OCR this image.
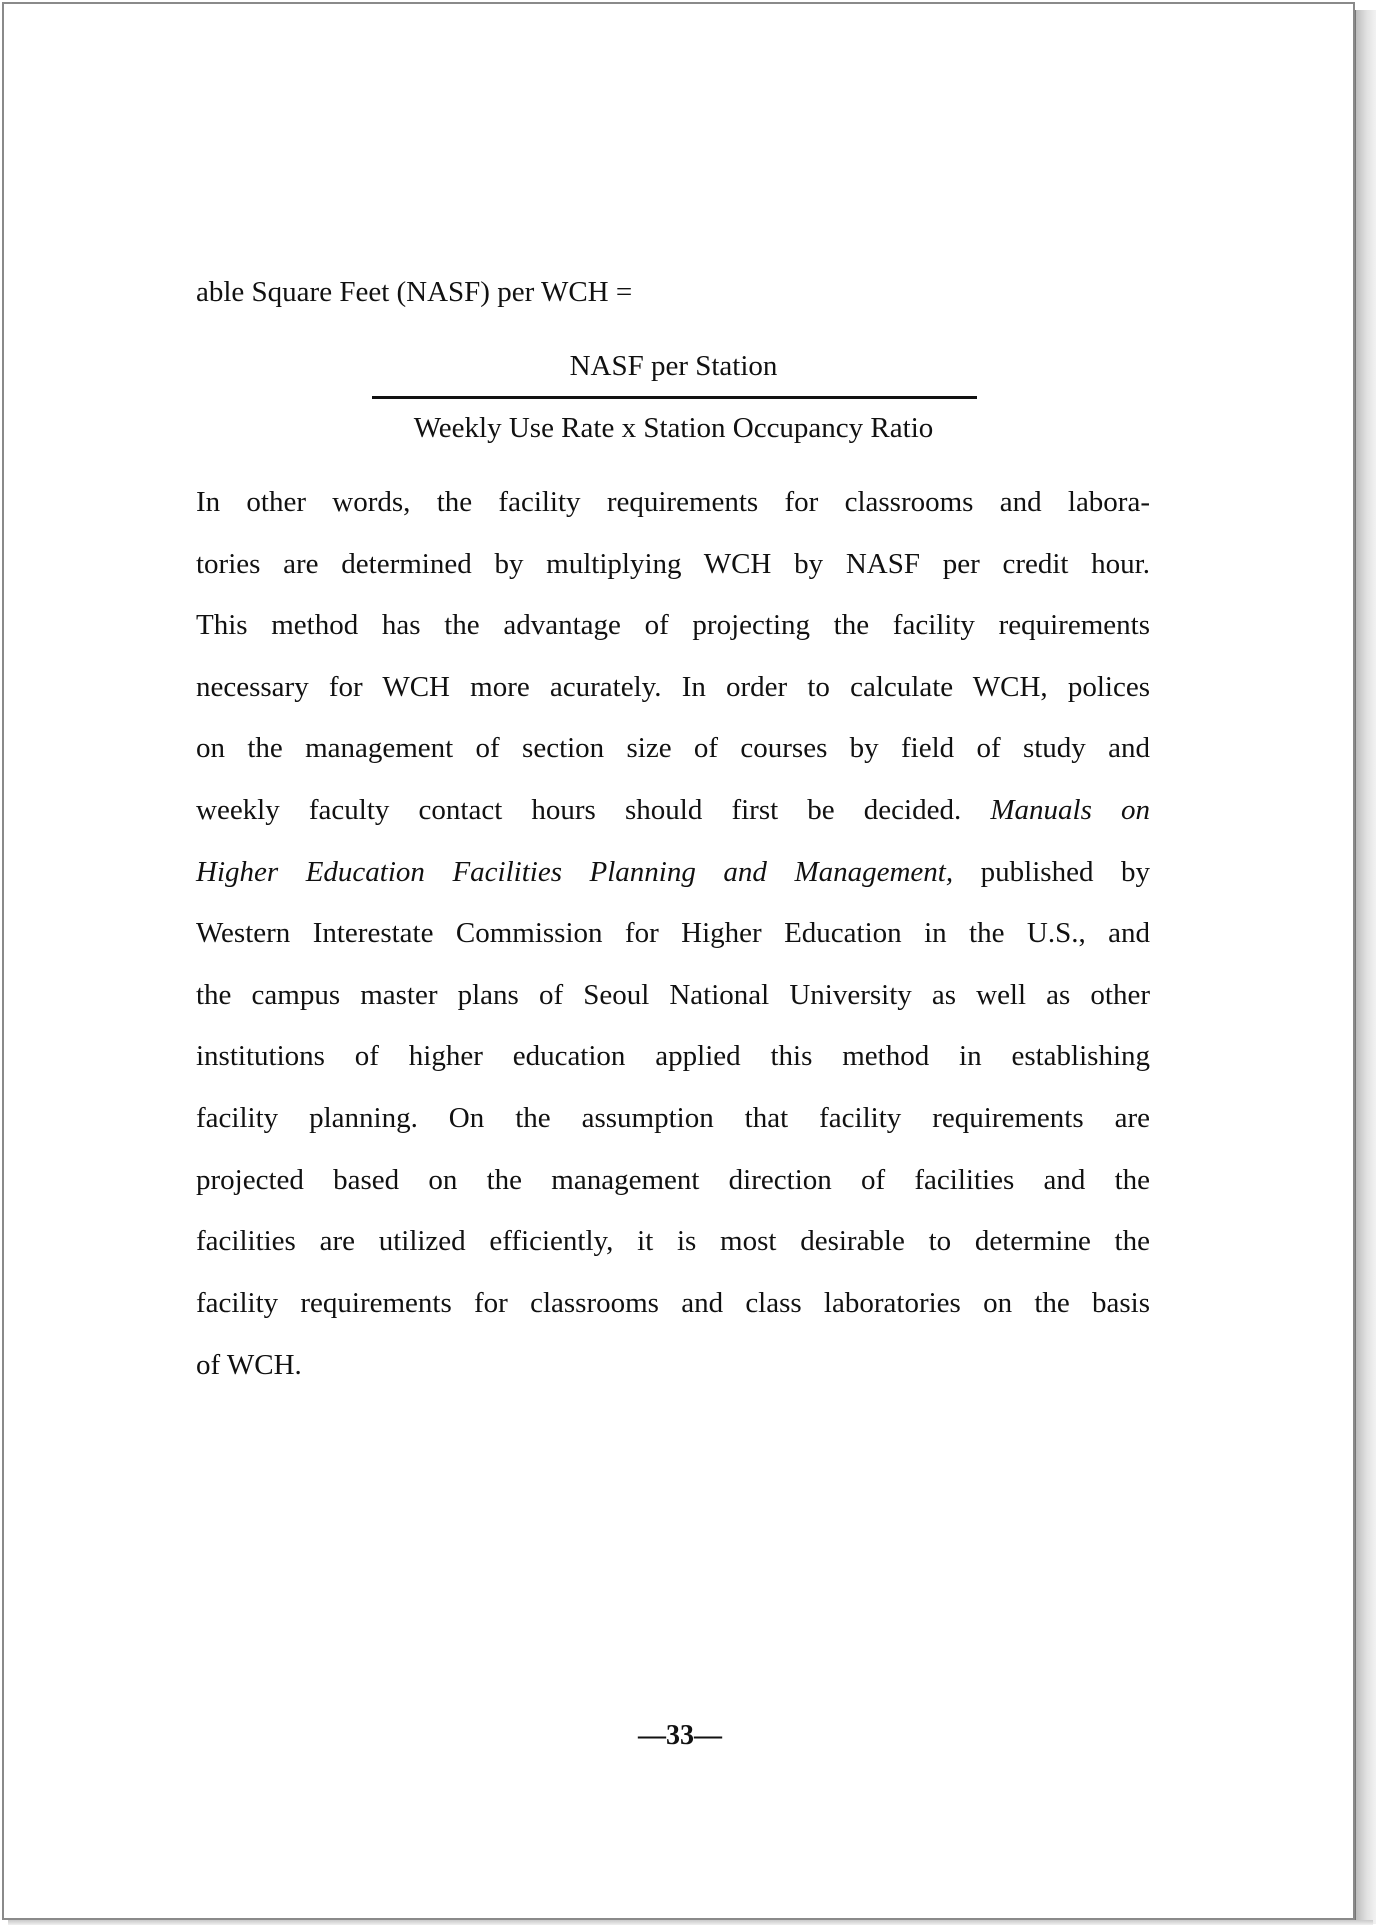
able Square Feet (NASF) per WCH =

NASF per Station

Weekly Use Rate x Station Occupancy Ratio

In other words, the facility requirements for classrooms and labora-

tories are determined by multiplying WCH by NASF per credit hour.

This method has the advantage of projecting the facility requirements

necessary for WCH more acurately. In order to calculate WCH, polices

on the management of section size of courses by field of study and

weekly faculty contact hours should first be decided. Manuals on

Higher Education Facilities Planning and Management, published by

Western Interestate Commission for Higher Education in the U.S., and

the campus master plans of Seoul National University as well as other

institutions of higher education applied this method in establishing

facility planning. On the assumption that facility requirements are

projected based on the management direction of facilities and the

facilities are utilized efficiently, it is most desirable to determine the

facility requirements for classrooms and class laboratories on the basis

of WCH.

—33—
